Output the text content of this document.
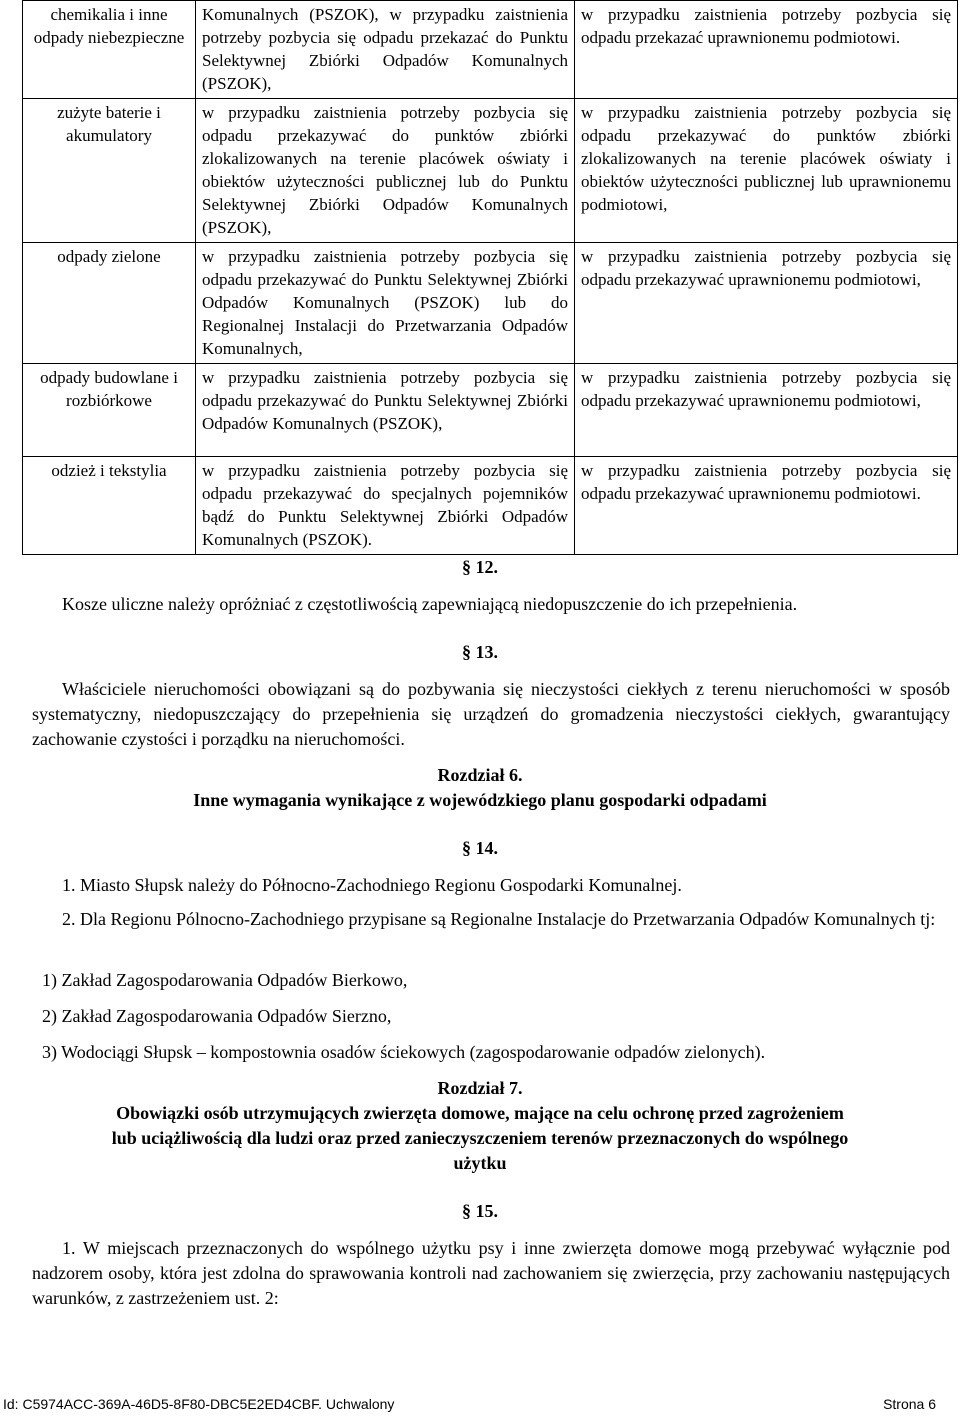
chemikalia i inne odpady niebezpieczne	Komunalnych (PSZOK), w przypadku zaistnienia potrzeby pozbycia się odpadu przekazać do Punktu Selektywnej Zbiórki Odpadów Komunalnych (PSZOK),	w przypadku zaistnienia potrzeby pozbycia się odpadu przekazać uprawnionemu podmiotowi.
zużyte baterie i akumulatory	w przypadku zaistnienia potrzeby pozbycia się odpadu przekazywać do punktów zbiórki zlokalizowanych na terenie placówek oświaty i obiektów użyteczności publicznej lub do Punktu Selektywnej Zbiórki Odpadów Komunalnych (PSZOK),	w przypadku zaistnienia potrzeby pozbycia się odpadu przekazywać do punktów zbiórki zlokalizowanych na terenie placówek oświaty i obiektów użyteczności publicznej lub uprawnionemu podmiotowi,
odpady zielone	w przypadku zaistnienia potrzeby pozbycia się odpadu przekazywać do Punktu Selektywnej Zbiórki Odpadów Komunalnych (PSZOK) lub do Regionalnej Instalacji do Przetwarzania Odpadów Komunalnych,	w przypadku zaistnienia potrzeby pozbycia się odpadu przekazywać uprawnionemu podmiotowi,
odpady budowlane i rozbiórkowe	w przypadku zaistnienia potrzeby pozbycia się odpadu przekazywać do Punktu Selektywnej Zbiórki Odpadów Komunalnych (PSZOK),	w przypadku zaistnienia potrzeby pozbycia się odpadu przekazywać uprawnionemu podmiotowi,
odzież i tekstylia	w przypadku zaistnienia potrzeby pozbycia się odpadu przekazywać do specjalnych pojemników bądź do Punktu Selektywnej Zbiórki Odpadów Komunalnych (PSZOK).	w przypadku zaistnienia potrzeby pozbycia się odpadu przekazywać uprawnionemu podmiotowi.
§ 12.

Kosze uliczne należy opróżniać z częstotliwością zapewniającą niedopuszczenie do ich przepełnienia.

§ 13.

Właściciele nieruchomości obowiązani są do pozbywania się nieczystości ciekłych z terenu nieruchomości w sposób systematyczny, niedopuszczający do przepełnienia się urządzeń do gromadzenia nieczystości ciekłych, gwarantujący zachowanie czystości i porządku na nieruchomości.

Rozdział 6.

Inne wymagania wynikające z wojewódzkiego planu gospodarki odpadami

§ 14.

1. Miasto Słupsk należy do Północno-Zachodniego Regionu Gospodarki Komunalnej.

2. Dla Regionu Pólnocno-Zachodniego przypisane są Regionalne Instalacje do Przetwarzania Odpadów Komunalnych tj:

1) Zakład Zagospodarowania Odpadów Bierkowo,

2) Zakład Zagospodarowania Odpadów Sierzno,

3) Wodociągi Słupsk – kompostownia osadów ściekowych (zagospodarowanie odpadów zielonych).

Rozdział 7.

Obowiązki osób utrzymujących zwierzęta domowe, mające na celu ochronę przed zagrożeniem

lub uciążliwością dla ludzi oraz przed zanieczyszczeniem terenów przeznaczonych do wspólnego

użytku

§ 15.

1. W miejscach przeznaczonych do wspólnego użytku psy i inne zwierzęta domowe mogą przebywać wyłącznie pod nadzorem osoby, która jest zdolna do sprawowania kontroli nad zachowaniem się zwierzęcia, przy zachowaniu następujących warunków, z zastrzeżeniem ust. 2:

Id: C5974ACC-369A-46D5-8F80-DBC5E2ED4CBF. Uchwalony	Strona 6
